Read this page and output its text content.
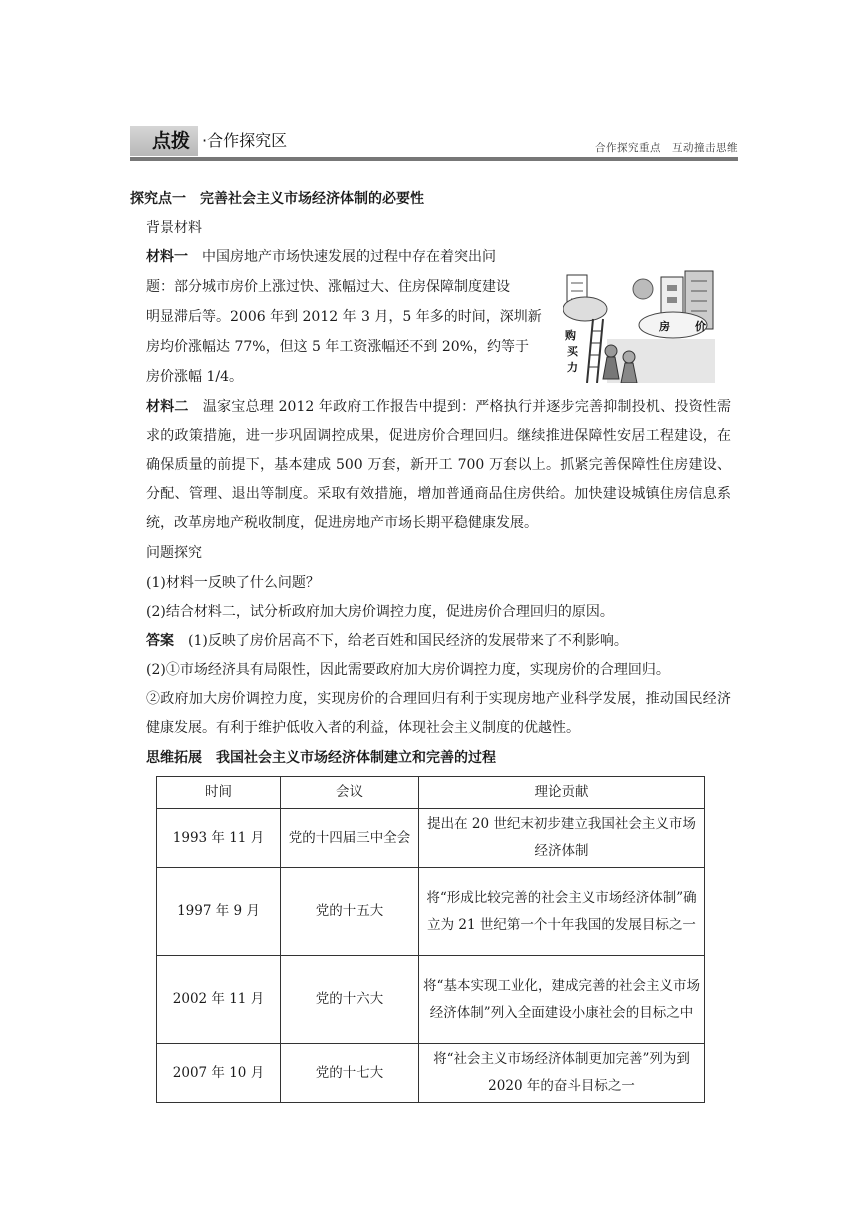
点拨 ·合作探究区	合作探究重点　互动撞击思维
探究点一　完善社会主义市场经济体制的必要性
背景材料
材料一　中国房地产市场快速发展的过程中存在着突出问
题：部分城市房价上涨过快、涨幅过大、住房保障制度建设
明显滞后等。2006 年到 2012 年 3 月，5 年多的时间，深圳新
房均价涨幅达 77%，但这 5 年工资涨幅还不到 20%，约等于
房价涨幅 1/4。
房 价
购
买
力
材料二　温家宝总理 2012 年政府工作报告中提到：严格执行并逐步完善抑制投机、投资性需求的政策措施，进一步巩固调控成果，促进房价合理回归。继续推进保障性安居工程建设，在确保质量的前提下，基本建成 500 万套，新开工 700 万套以上。抓紧完善保障性住房建设、分配、管理、退出等制度。采取有效措施，增加普通商品住房供给。加快建设城镇住房信息系统，改革房地产税收制度，促进房地产市场长期平稳健康发展。
问题探究
(1)材料一反映了什么问题？
(2)结合材料二，试分析政府加大房价调控力度，促进房价合理回归的原因。
答案　(1)反映了房价居高不下，给老百姓和国民经济的发展带来了不利影响。
(2)①市场经济具有局限性，因此需要政府加大房价调控力度，实现房价的合理回归。
②政府加大房价调控力度，实现房价的合理回归有利于实现房地产业科学发展，推动国民经济健康发展。有利于维护低收入者的利益，体现社会主义制度的优越性。
思维拓展　我国社会主义市场经济体制建立和完善的过程
时间	会议	理论贡献
1993 年 11 月	党的十四届三中全会	提出在 20 世纪末初步建立我国社会主义市场经济体制
1997 年 9 月	党的十五大	将“形成比较完善的社会主义市场经济体制”确立为 21 世纪第一个十年我国的发展目标之一
2002 年 11 月	党的十六大	将“基本实现工业化，建成完善的社会主义市场经济体制”列入全面建设小康社会的目标之中
2007 年 10 月	党的十七大	将“社会主义市场经济体制更加完善”列为到 2020 年的奋斗目标之一
